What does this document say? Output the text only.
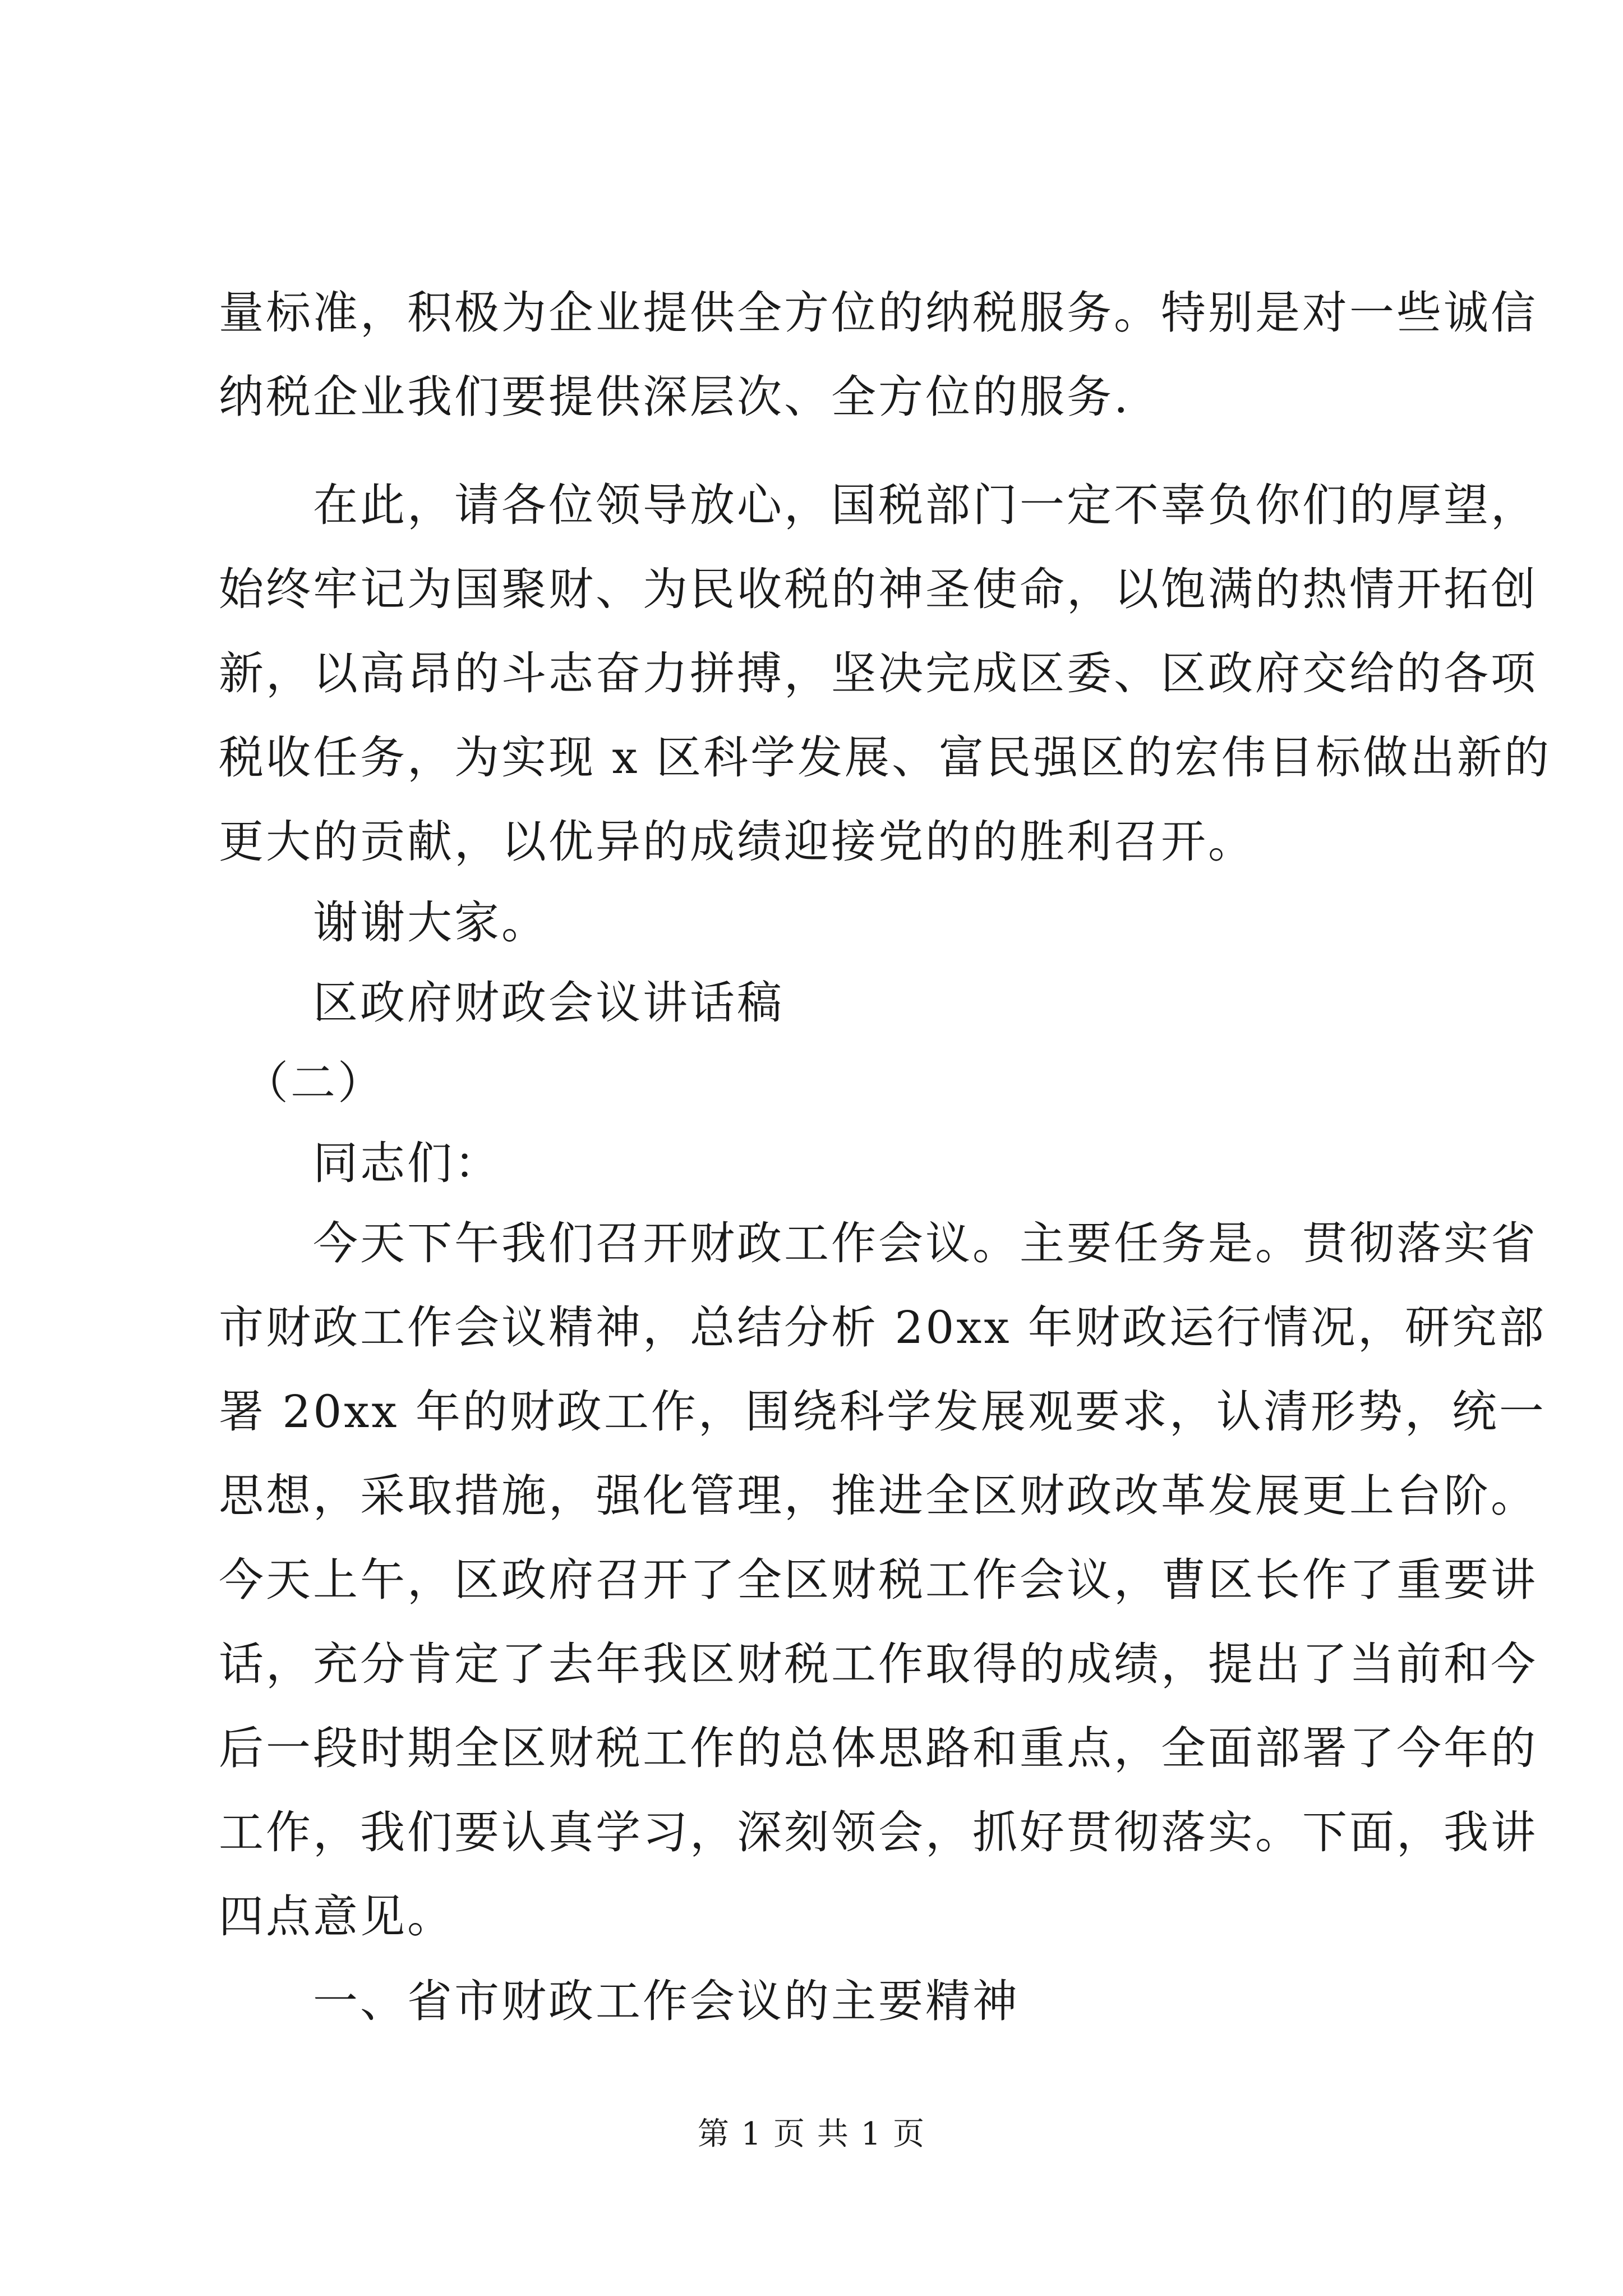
量标准，积极为企业提供全方位的纳税服务。特别是对一些诚信
纳税企业我们要提供深层次、全方位的服务.
　　在此，请各位领导放心，国税部门一定不辜负你们的厚望，
始终牢记为国聚财、为民收税的神圣使命，以饱满的热情开拓创
新，以高昂的斗志奋力拼搏，坚决完成区委、区政府交给的各项
税收任务，为实现 x 区科学发展、富民强区的宏伟目标做出新的
更大的贡献，以优异的成绩迎接党的的胜利召开。
　　谢谢大家。
　　区政府财政会议讲话稿
　（二）
　　同志们：
　　今天下午我们召开财政工作会议。主要任务是。贯彻落实省
市财政工作会议精神，总结分析 20xx 年财政运行情况，研究部
署 20xx 年的财政工作，围绕科学发展观要求，认清形势，统一
思想，采取措施，强化管理，推进全区财政改革发展更上台阶。
今天上午，区政府召开了全区财税工作会议，曹区长作了重要讲
话，充分肯定了去年我区财税工作取得的成绩，提出了当前和今
后一段时期全区财税工作的总体思路和重点，全面部署了今年的
工作，我们要认真学习，深刻领会，抓好贯彻落实。下面，我讲
四点意见。
　　一、省市财政工作会议的主要精神
第 1 页 共 1 页
